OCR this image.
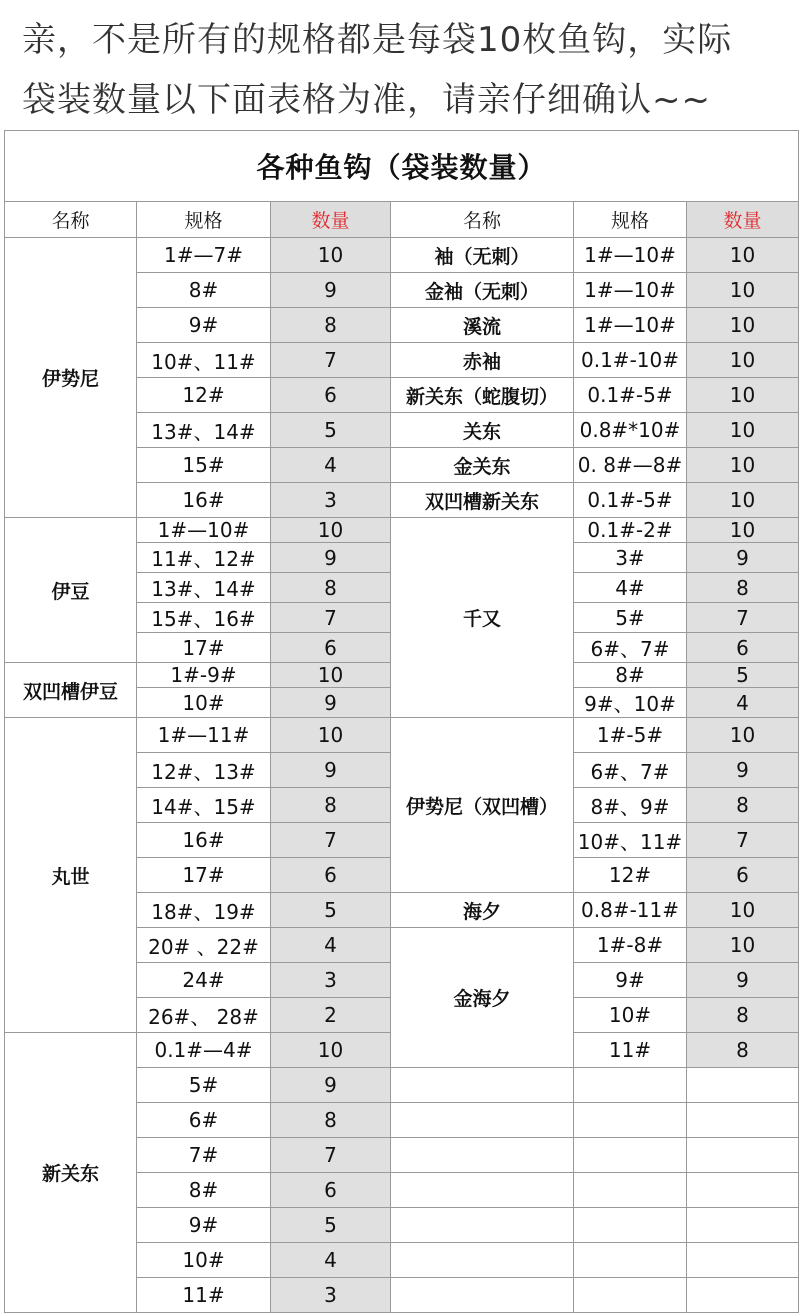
亲，不是所有的规格都是每袋10枚鱼钩，实际
袋装数量以下面表格为准，请亲仔细确认~~
各种鱼钩（袋装数量）					
名称	规格	数量	名称	规格	数量
伊势尼	1#—7#	10	袖（无刺）	1#—10#	10
	8#	9	金袖（无刺）	1#—10#	10
	9#	8	溪流	1#—10#	10
	10#、11#	7	赤袖	0.1#-10#	10
	12#	6	新关东（蛇腹切）	0.1#-5#	10
	13#、14#	5	关东	0.8#*10#	10
	15#	4	金关东	0. 8#—8#	10
	16#	3	双凹槽新关东	0.1#-5#	10
伊豆	1#—10#	10	千又	0.1#-2#	10
	11#、12#	9		3#	9
	13#、14#	8		4#	8
	15#、16#	7		5#	7
	17#	6		6#、7#	6
双凹槽伊豆	1#-9#	10		8#	5
	10#	9		9#、10#	4
丸世	1#—11#	10	伊势尼（双凹槽）	1#-5#	10
	12#、13#	9		6#、7#	9
	14#、15#	8		8#、9#	8
	16#	7		10#、11#	7
	17#	6		12#	6
	18#、19#	5	海夕	0.8#-11#	10
	20# 、22#	4	金海夕	1#-8#	10
	24#	3		9#	9
	26#、 28#	2		10#	8
新关东	0.1#—4#	10		11#	8
	5#	9			
	6#	8			
	7#	7			
	8#	6			
	9#	5			
	10#	4			
	11#	3			
